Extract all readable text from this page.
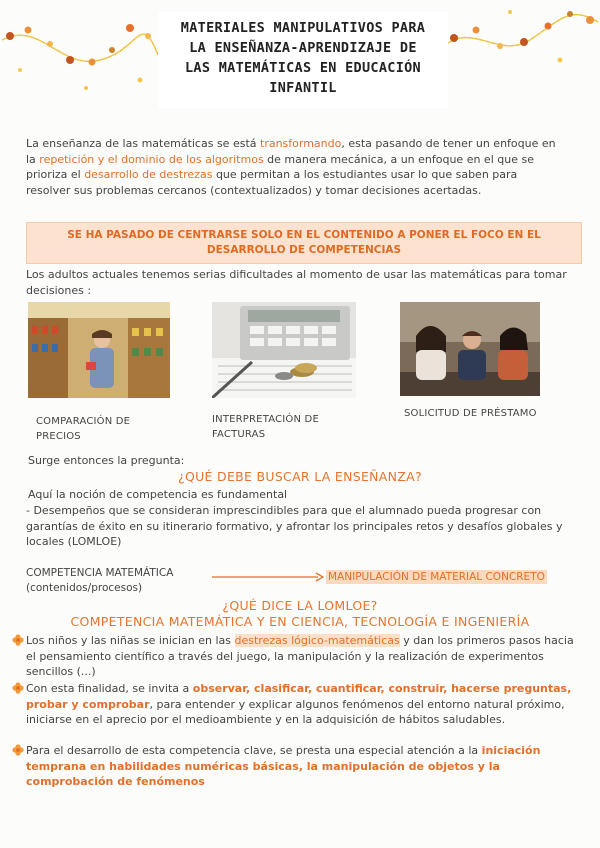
MATERIALES MANIPULATIVOS PARA
LA ENSEÑANZA-APRENDIZAJE DE
LAS MATEMÁTICAS EN EDUCACIÓN
INFANTIL
La enseñanza de las matemáticas se está transformando, esta pasando de tener un enfoque en la repetición y el dominio de los algoritmos de manera mecánica, a un enfoque en el que se prioriza el desarrollo de destrezas que permitan a los estudiantes usar lo que saben para resolver sus problemas cercanos (contextualizados) y tomar decisiones acertadas.
SE HA PASADO DE CENTRARSE SOLO EN EL CONTENIDO A PONER EL FOCO EN EL DESARROLLO DE COMPETENCIAS
Los adultos actuales tenemos serias dificultades al momento de usar las matemáticas para tomar decisiones :
COMPARACIÓN DE PRECIOS
INTERPRETACIÓN DE FACTURAS
SOLICITUD DE PRÉSTAMO
Surge entonces la pregunta:
¿QUÉ DEBE BUSCAR LA ENSEÑANZA?
Aquí la noción de competencia es fundamental
- Desempeños que se consideran imprescindibles para que el alumnado pueda progresar con garantías de éxito en su itinerario formativo, y afrontar los principales retos y desafíos globales y locales (LOMLOE)
COMPETENCIA MATEMÁTICA
(contenidos/procesos)
MANIPULACIÓN DE MATERIAL CONCRETO
¿QUÉ DICE LA LOMLOE?
COMPETENCIA MATEMÁTICA Y EN CIENCIA, TECNOLOGÍA E INGENIERÍA
Los niños y las niñas se inician en las destrezas lógico-matemáticas y dan los primeros pasos hacia el pensamiento científico a través del juego, la manipulación y la realización de experimentos sencillos (...)
Con esta finalidad, se invita a observar, clasificar, cuantificar, construir, hacerse preguntas, probar y comprobar, para entender y explicar algunos fenómenos del entorno natural próximo, iniciarse en el aprecio por el medioambiente y en la adquisición de hábitos saludables.
Para el desarrollo de esta competencia clave, se presta una especial atención a la iniciación temprana en habilidades numéricas básicas, la manipulación de objetos y la comprobación de fenómenos
